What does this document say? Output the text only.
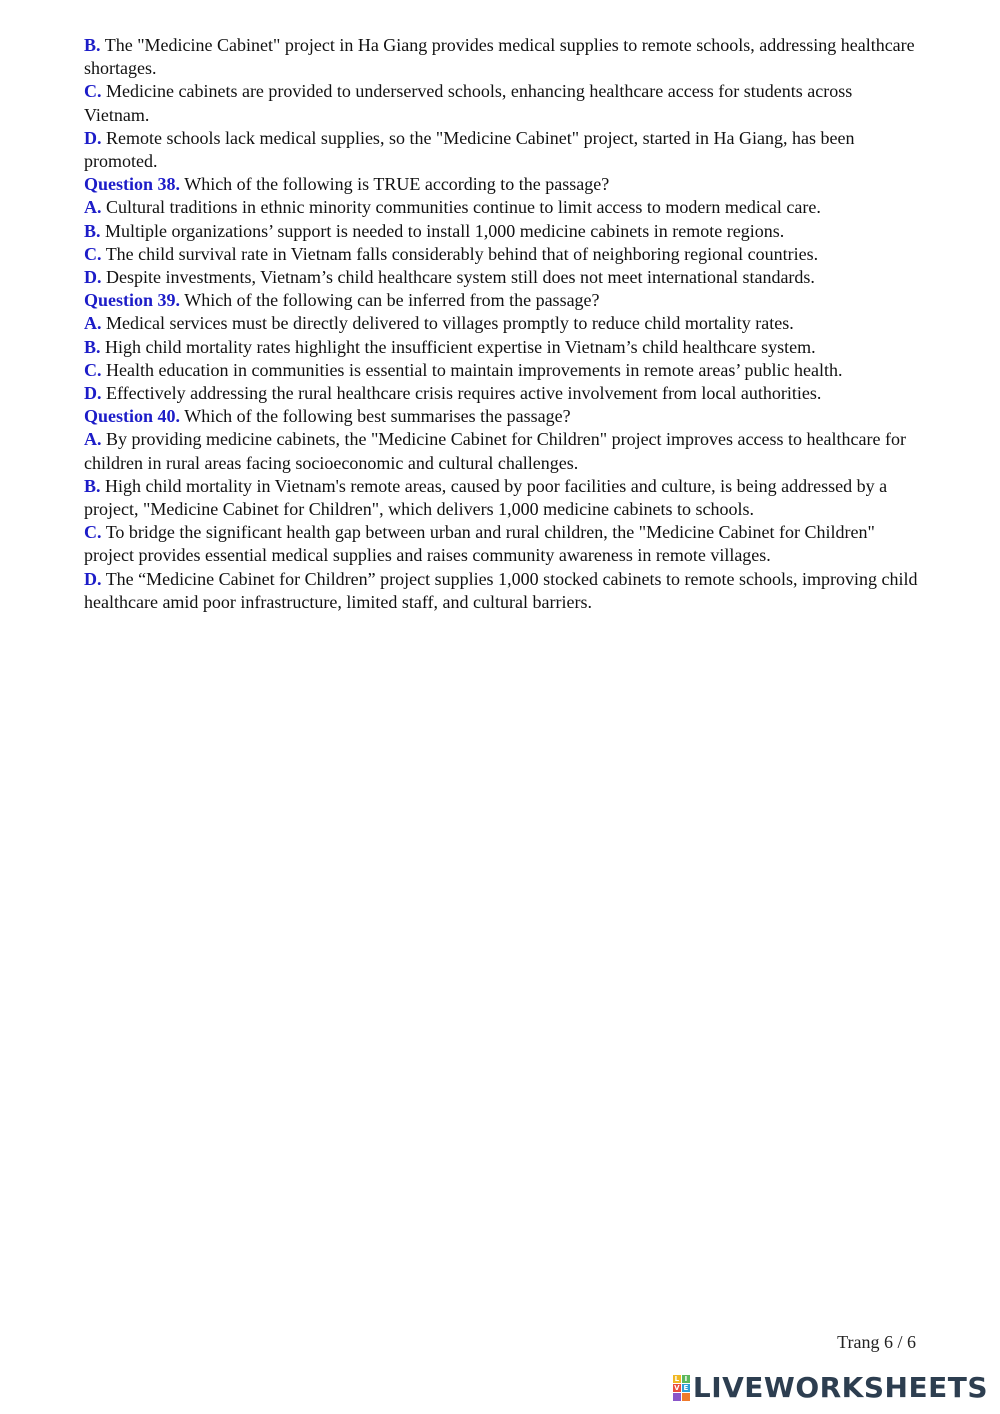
B. The "Medicine Cabinet" project in Ha Giang provides medical supplies to remote schools, addressing healthcare shortages.

C. Medicine cabinets are provided to underserved schools, enhancing healthcare access for students across Vietnam.

D. Remote schools lack medical supplies, so the "Medicine Cabinet" project, started in Ha Giang, has been promoted.

Question 38. Which of the following is TRUE according to the passage?

A. Cultural traditions in ethnic minority communities continue to limit access to modern medical care.

B. Multiple organizations’ support is needed to install 1,000 medicine cabinets in remote regions.

C. The child survival rate in Vietnam falls considerably behind that of neighboring regional countries.

D. Despite investments, Vietnam’s child healthcare system still does not meet international standards.

Question 39. Which of the following can be inferred from the passage?

A. Medical services must be directly delivered to villages promptly to reduce child mortality rates.

B. High child mortality rates highlight the insufficient expertise in Vietnam’s child healthcare system.

C. Health education in communities is essential to maintain improvements in remote areas’ public health.

D. Effectively addressing the rural healthcare crisis requires active involvement from local authorities.

Question 40. Which of the following best summarises the passage?

A. By providing medicine cabinets, the "Medicine Cabinet for Children" project improves access to healthcare for children in rural areas facing socioeconomic and cultural challenges.

B. High child mortality in Vietnam's remote areas, caused by poor facilities and culture, is being addressed by a project, "Medicine Cabinet for Children", which delivers 1,000 medicine cabinets to schools.

C. To bridge the significant health gap between urban and rural children, the "Medicine Cabinet for Children" project provides essential medical supplies and raises community awareness in remote villages.

D. The “Medicine Cabinet for Children” project supplies 1,000 stocked cabinets to remote schools, improving child healthcare amid poor infrastructure, limited staff, and cultural barriers.

Trang 6 / 6
L I
V E LIVEWORKSHEETS
